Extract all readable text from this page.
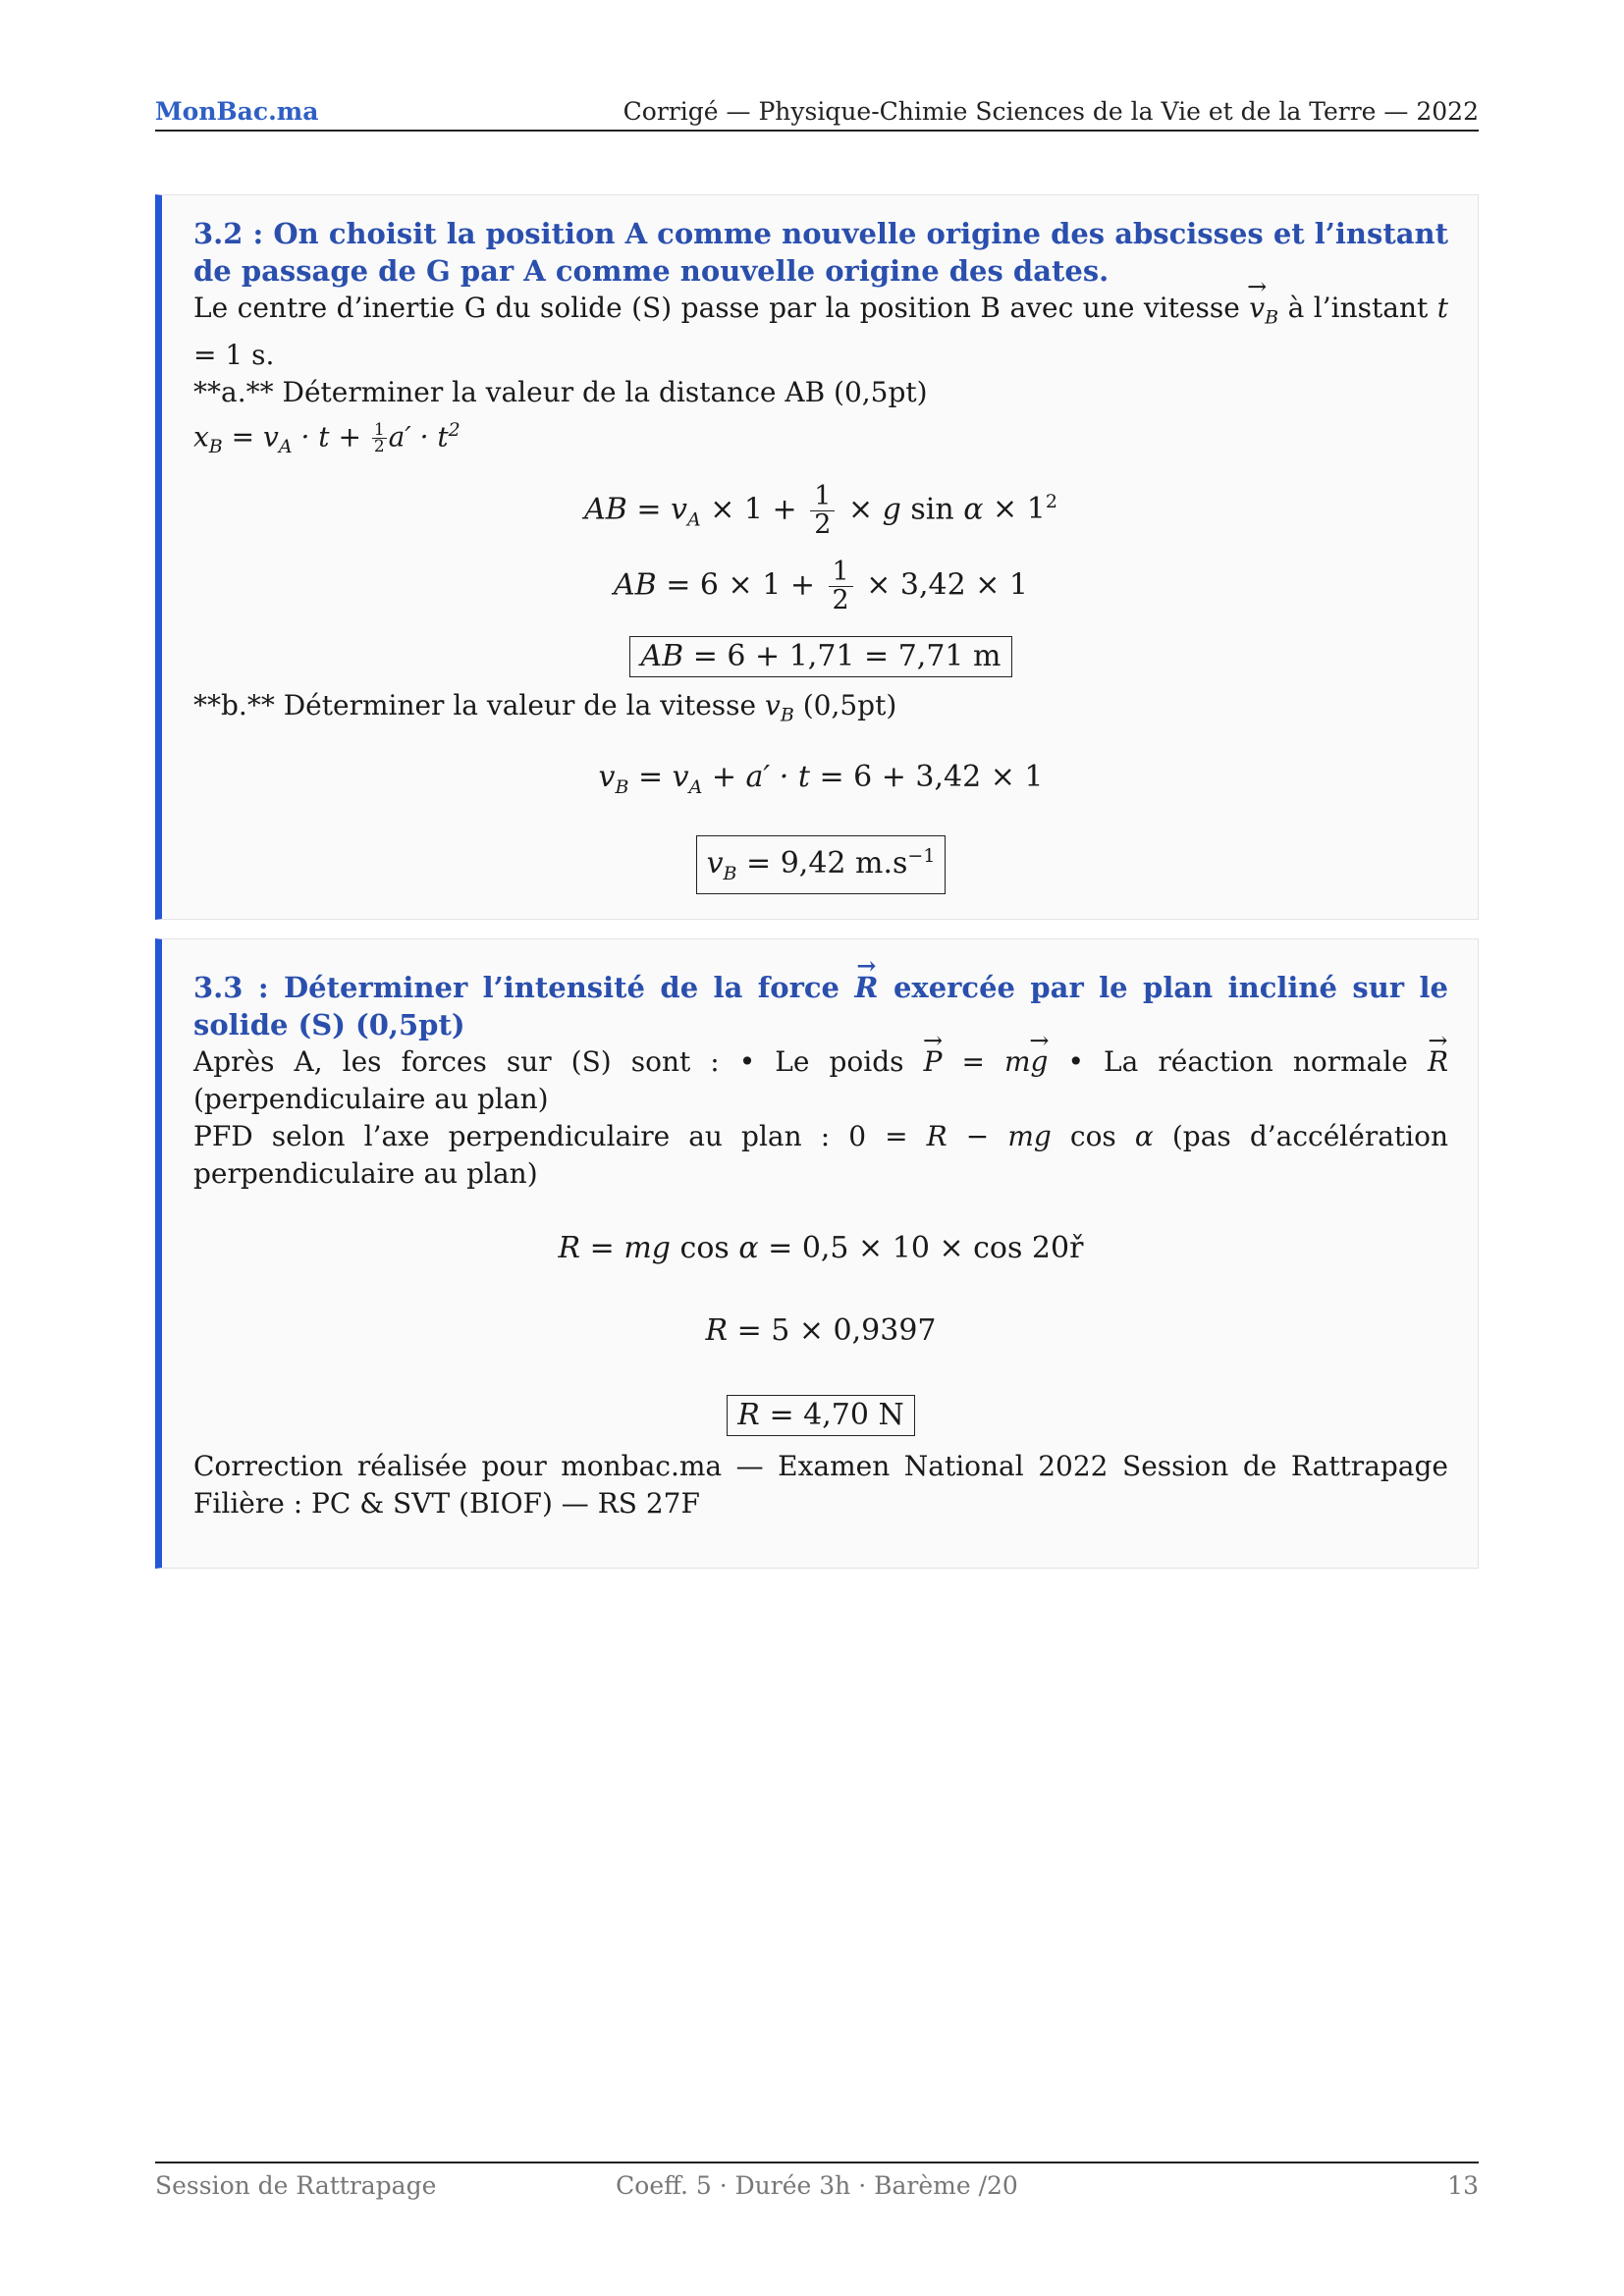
MonBac.ma	Corrigé — Physique-Chimie Sciences de la Vie et de la Terre — 2022
3.2 : On choisit la position A comme nouvelle origine des abscisses et l’instant de passage de G par A comme nouvelle origine des dates.
Le centre d’inertie G du solide (S) passe par la position B avec une vitesse → $v_B$ à l’instant t = 1 s.
**a.** Déterminer la valeur de la distance AB (0,5pt)
$x_B = v_A \cdot t + \frac{1}{2} a' \cdot t^2$
AB = $v_A \times 1 + \frac{1}{2} \times g$ $\sin \alpha \times 1^2$
AB = $6 \times 1 + \frac{1}{2} \times 3,42 \times 1$
AB = 6 + 1,71 = 7,71 m
**b.** Déterminer la valeur de la vitesse $v_B$ (0,5pt)
$v_B = v_A + a' \cdot t = 6 + 3,42 \times 1$
$v_B = 9,42$ $m.s^{-1}$
3.3 : Déterminer l’intensité de la force → R exercée par le plan incliné sur le solide (S) (0,5pt)
Après A, les forces sur (S) sont : • Le poids → P = m→ g • La réaction normale → R (perpendiculaire au plan)
PFD selon l’axe perpendiculaire au plan : 0 = R − mg cos α (pas d’accélération perpendiculaire au plan)
R = mg cos α = 0,5 × 10 × cos 20ř
R = 5 × 0,9397
R = 4,70 N
Correction réalisée pour monbac.ma — Examen National 2022 Session de Rattrapage Filière : PC & SVT (BIOF) — RS 27F
Session de Rattrapage	Coeff. 5 · Durée 3h · Barème /20	13
